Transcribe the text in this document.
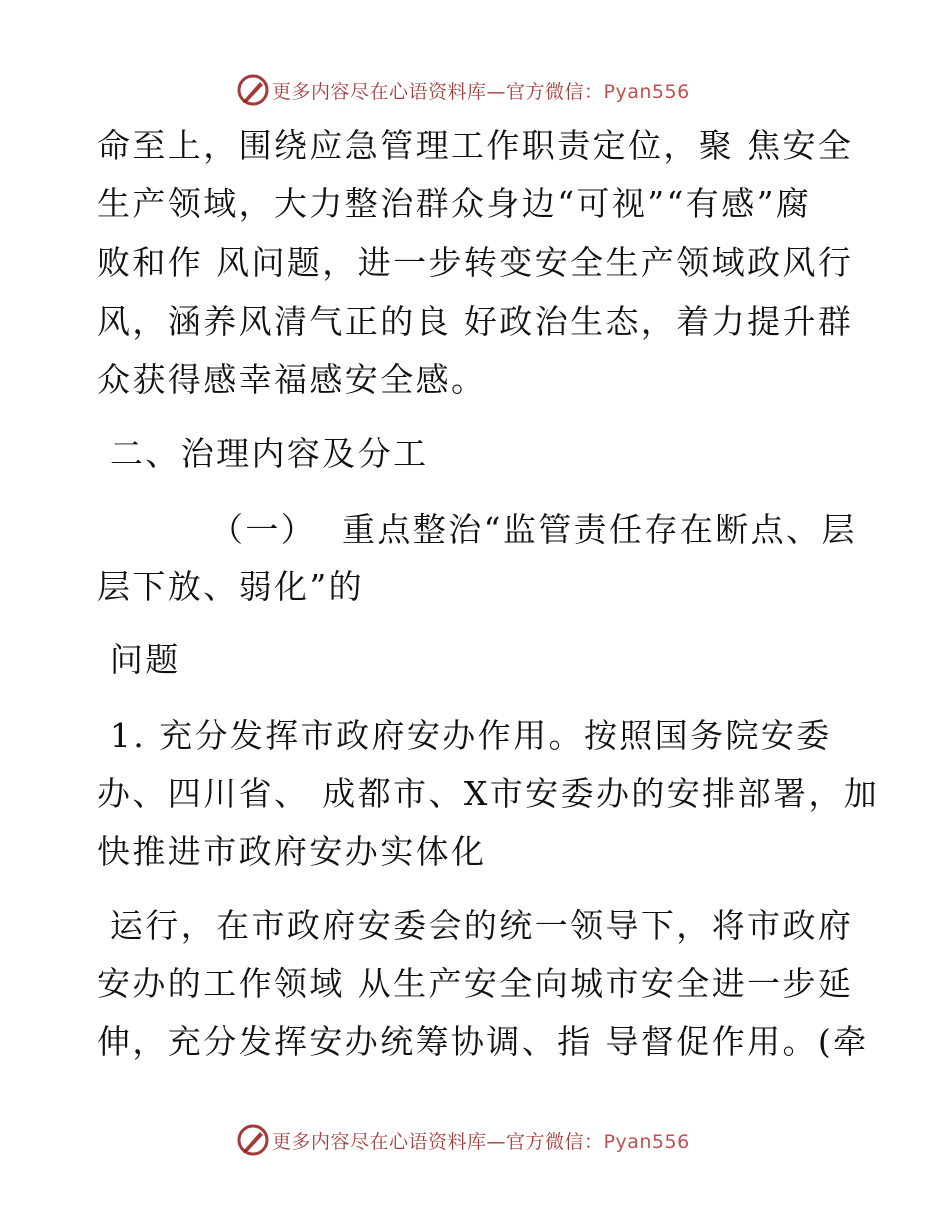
更多内容尽在心语资料库—官方微信：Pyan556
命至上，围绕应急管理工作职责定位，聚 焦安全
生产领域，大力整治群众身边“可视”“有感”腐
败和作 风问题，进一步转变安全生产领域政风行
风，涵养风清气正的良 好政治生态，着力提升群
众获得感幸福感安全感。
二、治理内容及分工
（一）  重点整治“监管责任存在断点、层
层下放、弱化”的
问题
1. 充分发挥市政府安办作用。按照国务院安委
办、四川省、 成都市、X市安委办的安排部署，加
快推进市政府安办实体化
运行，在市政府安委会的统一领导下，将市政府
安办的工作领域 从生产安全向城市安全进一步延
伸，充分发挥安办统筹协调、指 导督促作用。(牵
更多内容尽在心语资料库—官方微信：Pyan556
